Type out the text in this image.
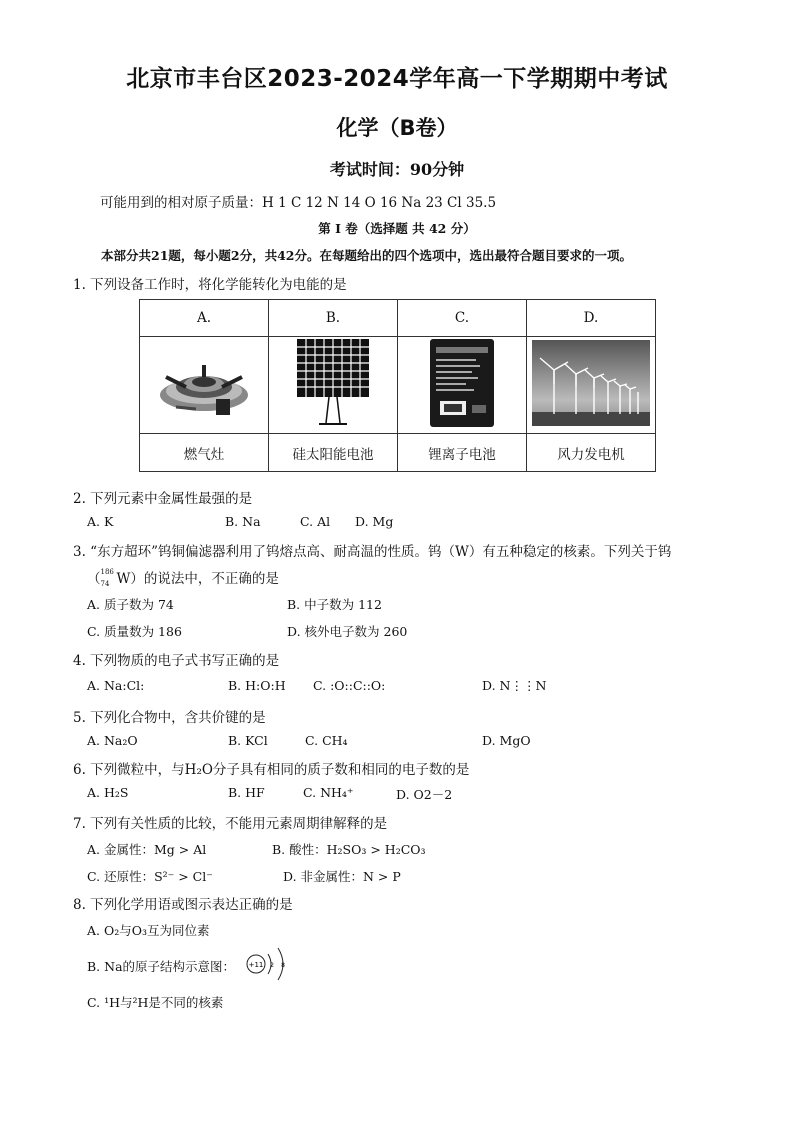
北京市丰台区2023-2024学年高一下学期期中考试
化学（B卷）
考试时间：90分钟
可能用到的相对原子质量：H 1 C 12 N 14 O 16 Na 23 Cl 35.5
第 I 卷（选择题 共 42 分）
本部分共21题，每小题2分，共42分。在每题给出的四个选项中，选出最符合题目要求的一项。
1. 下列设备工作时，将化学能转化为电能的是
A.	B.	C.	D.

燃气灶	硅太阳能电池	锂离子电池	风力发电机
2. 下列元素中金属性最强的是
A. K	B. Na	C. Al D. Mg
3. “东方超环”钨铜偏滤器利用了钨熔点高、耐高温的性质。钨（W）有五种稳定的核素。下列关于钨
（ 186
74 W）的说法中，不正确的是
A. 质子数为 74	B. 中子数为 112
C. 质量数为 186	D. 核外电子数为 260
4. 下列物质的电子式书写正确的是
A. Na:Cl:	B. H:O:H C. :O::C::O:	D. N⋮⋮N
5. 下列化合物中，含共价键的是
A. Na₂O	B. KCl	C. CH₄	D. MgO
6. 下列微粒中，与H₂O分子具有相同的质子数和相同的电子数的是
A. H₂S	B. HF	C. NH₄⁺	D. O2－2
7. 下列有关性质的比较，不能用元素周期律解释的是
A. 金属性：Mg > Al	B. 酸性：H₂SO₃ > H₂CO₃
C. 还原性：S²⁻ > Cl⁻	D. 非金属性：N > P
8. 下列化学用语或图示表达正确的是
A. O₂与O₃互为同位素
B. Na的原子结构示意图： +11 2 8
C. ¹H与²H是不同的核素
